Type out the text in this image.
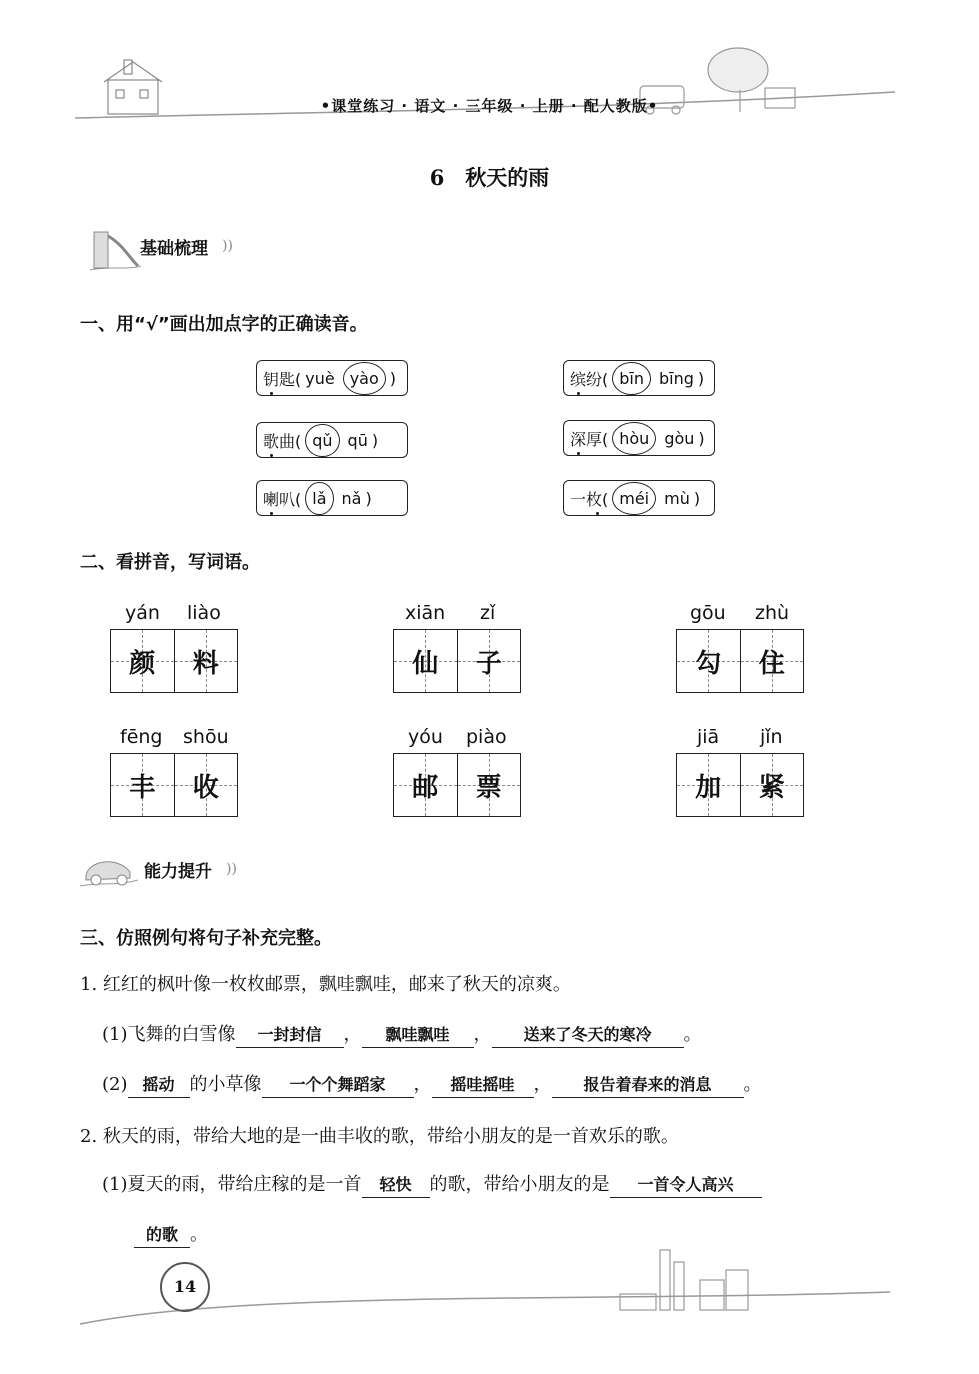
•课堂练习 · 语文 · 三年级 · 上册 · 配人教版•
6　秋天的雨
基础梳理 ))
一、用“√”画出加点字的正确读音。
钥匙( yuè yào )	缤纷( bīn bīng )
歌曲( qǔ qū )	深厚( hòu gòu )
喇叭( lǎ nǎ )	一枚( méi mù )
二、看拼音，写词语。
yán liào
颜 料
xiān zǐ
仙 子
gōu zhù
勾 住
fēng shōu
丰 收
yóu piào
邮 票
jiā jǐn
加 紧
能力提升 ))
三、仿照例句将句子补充完整。
1. 红红的枫叶像一枚枚邮票，飘哇飘哇，邮来了秋天的凉爽。
(1)飞舞的白雪像 一封封信 ， 飘哇飘哇 ， 送来了冬天的寒冷 。
(2) 摇动 的小草像 一个个舞蹈家 ， 摇哇摇哇 ， 报告着春来的消息 。
2. 秋天的雨，带给大地的是一曲丰收的歌，带给小朋友的是一首欢乐的歌。
(1)夏天的雨，带给庄稼的是一首 轻快 的歌，带给小朋友的是 一首令人高兴
的歌 。
14
